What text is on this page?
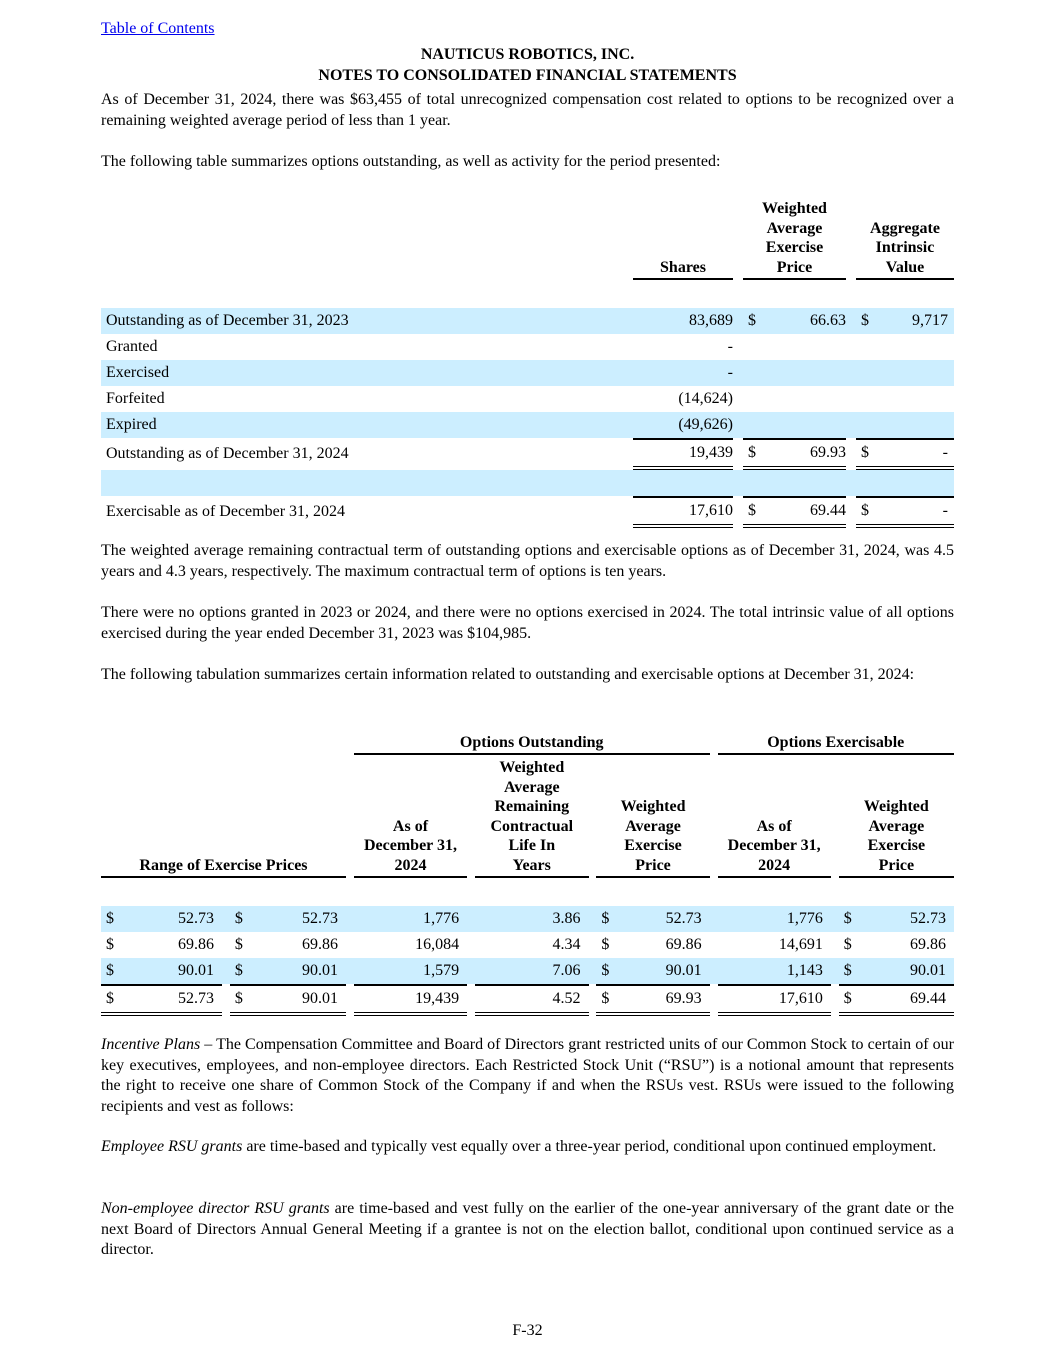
Table of Contents
NAUTICUS ROBOTICS, INC.
NOTES TO CONSOLIDATED FINANCIAL STATEMENTS

As of December 31, 2024, there was $63,455 of total unrecognized compensation cost related to options to be recognized over a remaining weighted average period of less than 1 year.

The following table summarizes options outstanding, as well as activity for the period presented:

	Shares		Weighted
Average
Exercise
Price			Aggregate
Intrinsic
Value	

Outstanding as of December 31, 2023	83,689		$	66.63		$	9,717
Granted	-						
Exercised	-						
Forfeited	(14,624)						
Expired	(49,626)						
Outstanding as of December 31, 2024	19,439		$	69.93		$	-

Exercisable as of December 31, 2024	17,610		$	69.44		$	-

The weighted average remaining contractual term of outstanding options and exercisable options as of December 31, 2024, was 4.5 years and 4.3 years, respectively. The maximum contractual term of options is ten years.

There were no options granted in 2023 or 2024, and there were no options exercised in 2024. The total intrinsic value of all options exercised during the year ended December 31, 2023 was $104,985.

The following tabulation summarizes certain information related to outstanding and exercisable options at December 31, 2024:

						Options Outstanding							Options Exercisable			
Range of Exercise Prices		As of
December 31,
2024		Weighted
Average
Remaining
Contractual
Life In
Years		Weighted
Average
Exercise
Price		As of
December 31,
2024		Weighted
Average
Exercise
Price

$	52.73		$	52.73		1,776		3.86		$	52.73		1,776		$	52.73
$	69.86		$	69.86		16,084		4.34		$	69.86		14,691		$	69.86
$	90.01		$	90.01		1,579		7.06		$	90.01		1,143		$	90.01
$	52.73		$	90.01		19,439		4.52		$	69.93		17,610		$	69.44

Incentive Plans – The Compensation Committee and Board of Directors grant restricted units of our Common Stock to certain of our key executives, employees, and non-employee directors. Each Restricted Stock Unit (“RSU”) is a notional amount that represents the right to receive one share of Common Stock of the Company if and when the RSUs vest. RSUs were issued to the following recipients and vest as follows:

Employee RSU grants are time-based and typically vest equally over a three-year period, conditional upon continued employment.

Non-employee director RSU grants are time-based and vest fully on the earlier of the one-year anniversary of the grant date or the next Board of Directors Annual General Meeting if a grantee is not on the election ballot, conditional upon continued service as a director.

F-32
